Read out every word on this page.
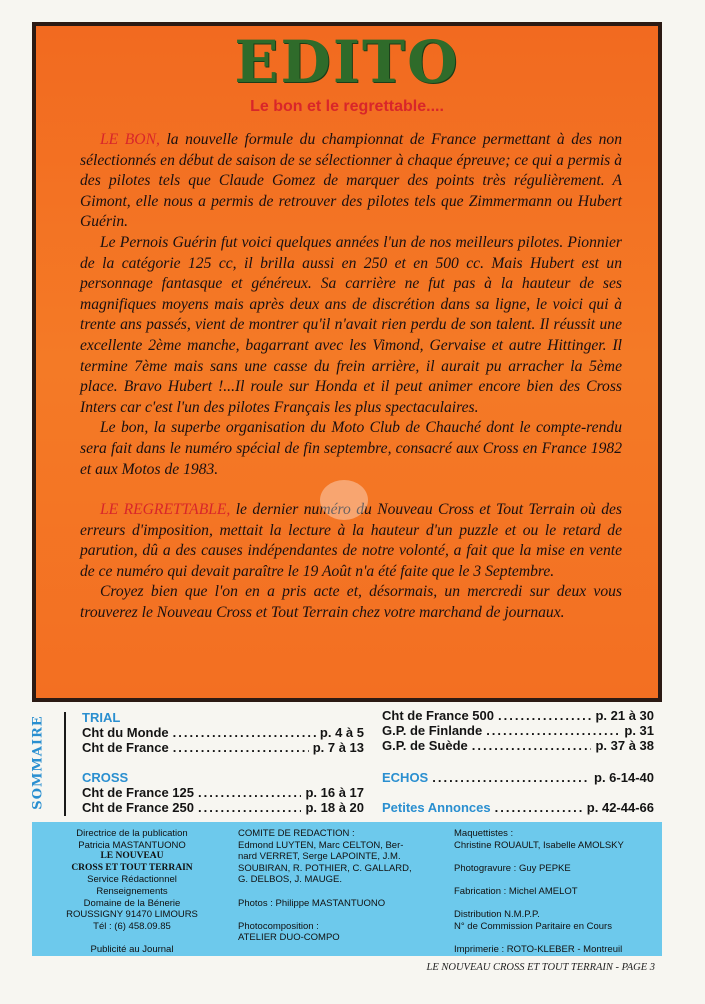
EDITO
Le bon et le regrettable....

LE BON, la nouvelle formule du championnat de France permettant à des non sélectionnés en début de saison de se sélectionner à chaque épreuve; ce qui a permis à des pilotes tels que Claude Gomez de marquer des points très régulièrement. A Gimont, elle nous a permis de retrouver des pilotes tels que Zimmermann ou Hubert Guérin.

Le Pernois Guérin fut voici quelques années l'un de nos meilleurs pilotes. Pionnier de la catégorie 125 cc, il brilla aussi en 250 et en 500 cc. Mais Hubert est un personnage fantasque et généreux. Sa carrière ne fut pas à la hauteur de ses magnifiques moyens mais après deux ans de discrétion dans sa ligne, le voici qui à trente ans passés, vient de montrer qu'il n'avait rien perdu de son talent. Il réussit une excellente 2ème manche, bagarrant avec les Vimond, Gervaise et autre Hittinger. Il termine 7ème mais sans une casse du frein arrière, il aurait pu arracher la 5ème place. Bravo Hubert !...Il roule sur Honda et il peut animer encore bien des Cross Inters car c'est l'un des pilotes Français les plus spectaculaires.

Le bon, la superbe organisation du Moto Club de Chauché dont le compte-rendu sera fait dans le numéro spécial de fin septembre, consacré aux Cross en France 1982 et aux Motos de 1983.

LE REGRETTABLE, le dernier numéro du Nouveau Cross et Tout Terrain où des erreurs d'imposition, mettait la lecture à la hauteur d'un puzzle et ou le retard de parution, dû a des causes indépendantes de notre volonté, a fait que la mise en vente de ce numéro qui devait paraître le 19 Août n'a été faite que le 3 Septembre.

Croyez bien que l'on en a pris acte et, désormais, un mercredi sur deux vous trouverez le Nouveau Cross et Tout Terrain chez votre marchand de journaux.

SOMMAIRE	TRIAL
Cht du Monde .....	p. 4 à 5
Cht de France .....	p. 7 à 13
CROSS
Cht de France 125 .....	p. 16 à 17
Cht de France 250 .....	p. 18 à 20
Cht de France 500 .....	p. 21 à 30
G.P. de Finlande .....	p. 31
G.P. de Suède .....	p. 37 à 38
ECHOS .....	p. 6-14-40
Petites Annonces .....	p. 42-44-66
Directrice de la publication
Patricia MASTANTUONO
LE NOUVEAU
CROSS ET TOUT TERRAIN
Service Rédactionnel
Renseignements
Domaine de la Bénerie
ROUSSIGNY 91470 LIMOURS
Tél : (6) 458.09.85

Publicité au Journal
COMITE DE REDACTION :
Edmond LUYTEN, Marc CELTON, Ber-
nard VERRET, Serge LAPOINTE, J.M.
SOUBIRAN, R. POTHIER, C. GALLARD,
G. DELBOS, J. MAUGE.

Photos : Philippe MASTANTUONO

Photocomposition :
ATELIER DUO-COMPO
Maquettistes :
Christine ROUAULT, Isabelle AMOLSKY

Photogravure : Guy PEPKE

Fabrication : Michel AMELOT

Distribution N.M.P.P.
N° de Commission Paritaire en Cours

Imprimerie : ROTO-KLEBER - Montreuil
LE NOUVEAU CROSS ET TOUT TERRAIN - PAGE 3
